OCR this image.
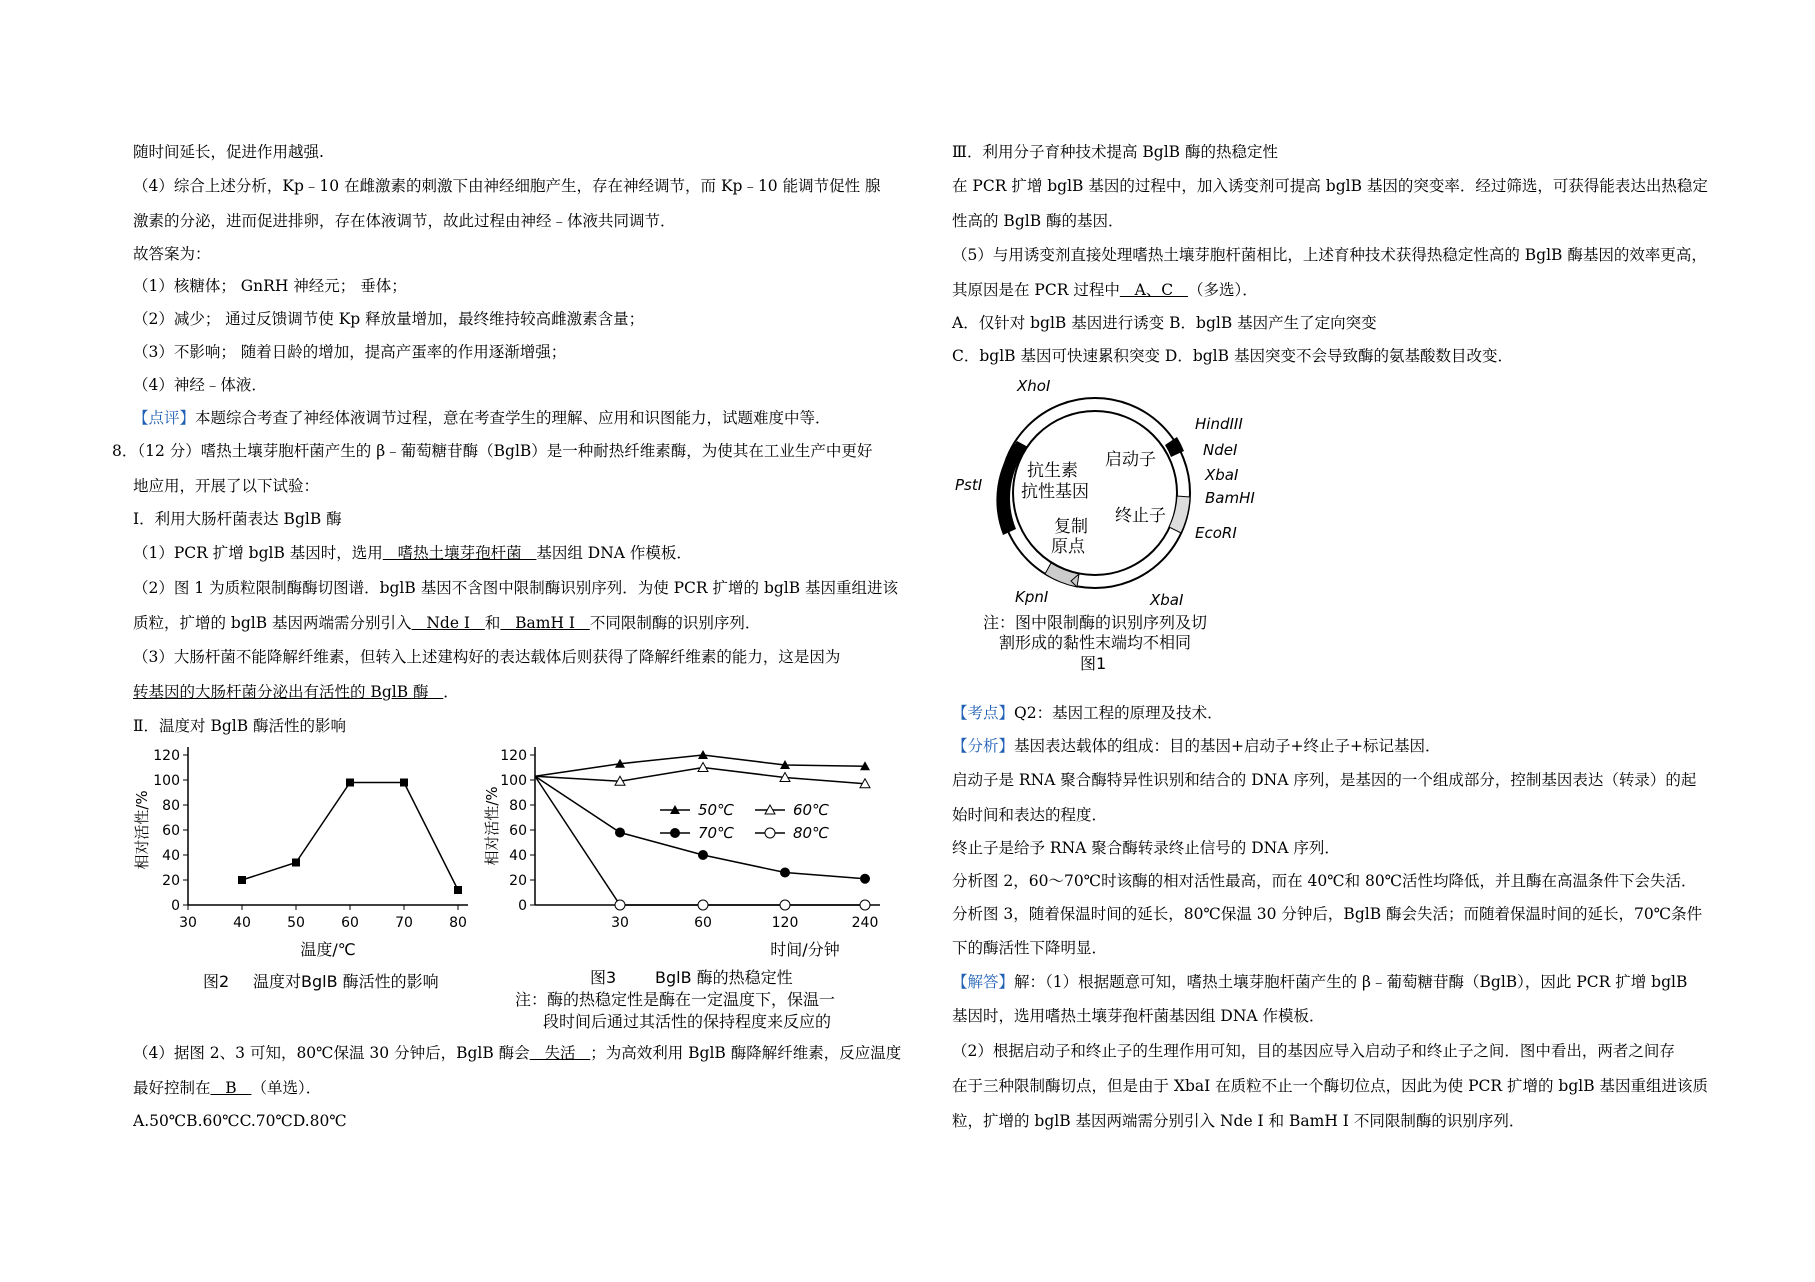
随时间延长，促进作用越强.
（4）综合上述分析，Kp﹣10 在雌激素的刺激下由神经细胞产生，存在神经调节，而 Kp﹣10 能调节促性 腺
激素的分泌，进而促进排卵，存在体液调节，故此过程由神经﹣体液共同调节．
故答案为：
（1）核糖体； GnRH 神经元； 垂体；
（2）减少； 通过反馈调节使 Kp 释放量增加，最终维持较高雌激素含量；
（3）不影响； 随着日龄的增加，提高产蛋率的作用逐渐增强；
（4）神经﹣体液．
【点评】本题综合考查了神经体液调节过程，意在考查学生的理解、应用和识图能力，试题难度中等．
8．（12 分）嗜热土壤芽胞杆菌产生的 β﹣葡萄糖苷酶（BglB）是一种耐热纤维素酶，为使其在工业生产中更好
地应用，开展了以下试验：
Ⅰ．利用大肠杆菌表达 BglB 酶
（1）PCR 扩增 bglB 基因时，选用   嗜热土壤芽孢杆菌   基因组 DNA 作模板．
（2）图 1 为质粒限制酶酶切图谱．bglB 基因不含图中限制酶识别序列．为使 PCR 扩增的 bglB 基因重组进该
质粒，扩增的 bglB 基因两端需分别引入   Nde Ⅰ   和   BamH Ⅰ   不同限制酶的识别序列．
（3）大肠杆菌不能降解纤维素，但转入上述建构好的表达载体后则获得了降解纤维素的能力，这是因为
转基因的大肠杆菌分泌出有活性的 BglB 酶 ．
Ⅱ．温度对 BglB 酶活性的影响
0
20
40
60
80
100
120
30	40	50	60	70	80
相对活性/%
温度/℃
图2 温度对BglB 酶活性的影响
0
20
40
60
80
100
120
30	60	120	240
50℃	60℃
70℃	80℃
相对活性/%
时间/分钟
图3 BglB 酶的热稳定性
注：酶的热稳定性是酶在一定温度下，保温一
段时间后通过其活性的保持程度来反应的
（4）据图 2、3 可知，80℃保温 30 分钟后，BglB 酶会   失活   ；为高效利用 BglB 酶降解纤维素，反应温度
最好控制在   B   （单选）．
A.50℃B.60℃C.70℃D.80℃
Ⅲ．利用分子育种技术提高 BglB 酶的热稳定性
在 PCR 扩增 bglB 基因的过程中，加入诱变剂可提高 bglB 基因的突变率．经过筛选，可获得能表达出热稳定
性高的 BglB 酶的基因．
（5）与用诱变剂直接处理嗜热土壤芽胞杆菌相比，上述育种技术获得热稳定性高的 BglB 酶基因的效率更高，
其原因是在 PCR 过程中   A、C   （多选）．
A．仅针对 bglB 基因进行诱变 B．bglB 基因产生了定向突变
C．bglB 基因可快速累积突变 D．bglB 基因突变不会导致酶的氨基酸数目改变．
XhoI
HindIII
NdeI
XbaI
BamHI
EcoRI
XbaI
KpnI
PstI
启动子
终止子
抗生素
抗性基因
复制
原点
注：图中限制酶的识别序列及切
割形成的黏性末端均不相同
图1
【考点】Q2：基因工程的原理及技术．
【分析】基因表达载体的组成：目的基因+启动子+终止子+标记基因．
启动子是 RNA 聚合酶特异性识别和结合的 DNA 序列，是基因的一个组成部分，控制基因表达（转录）的起
始时间和表达的程度．
终止子是给予 RNA 聚合酶转录终止信号的 DNA 序列．
分析图 2，60～70℃时该酶的相对活性最高，而在 40℃和 80℃活性均降低，并且酶在高温条件下会失活．
分析图 3，随着保温时间的延长，80℃保温 30 分钟后，BglB 酶会失活；而随着保温时间的延长，70℃条件
下的酶活性下降明显．
【解答】解：（1）根据题意可知，嗜热土壤芽胞杆菌产生的 β﹣葡萄糖苷酶（BglB），因此 PCR 扩增 bglB
基因时，选用嗜热土壤芽孢杆菌基因组 DNA 作模板．
（2）根据启动子和终止子的生理作用可知，目的基因应导入启动子和终止子之间．图中看出，两者之间存
在于三种限制酶切点，但是由于 XbaI 在质粒不止一个酶切位点，因此为使 PCR 扩增的 bglB 基因重组进该质
粒，扩增的 bglB 基因两端需分别引入 Nde Ⅰ 和 BamH Ⅰ 不同限制酶的识别序列．
